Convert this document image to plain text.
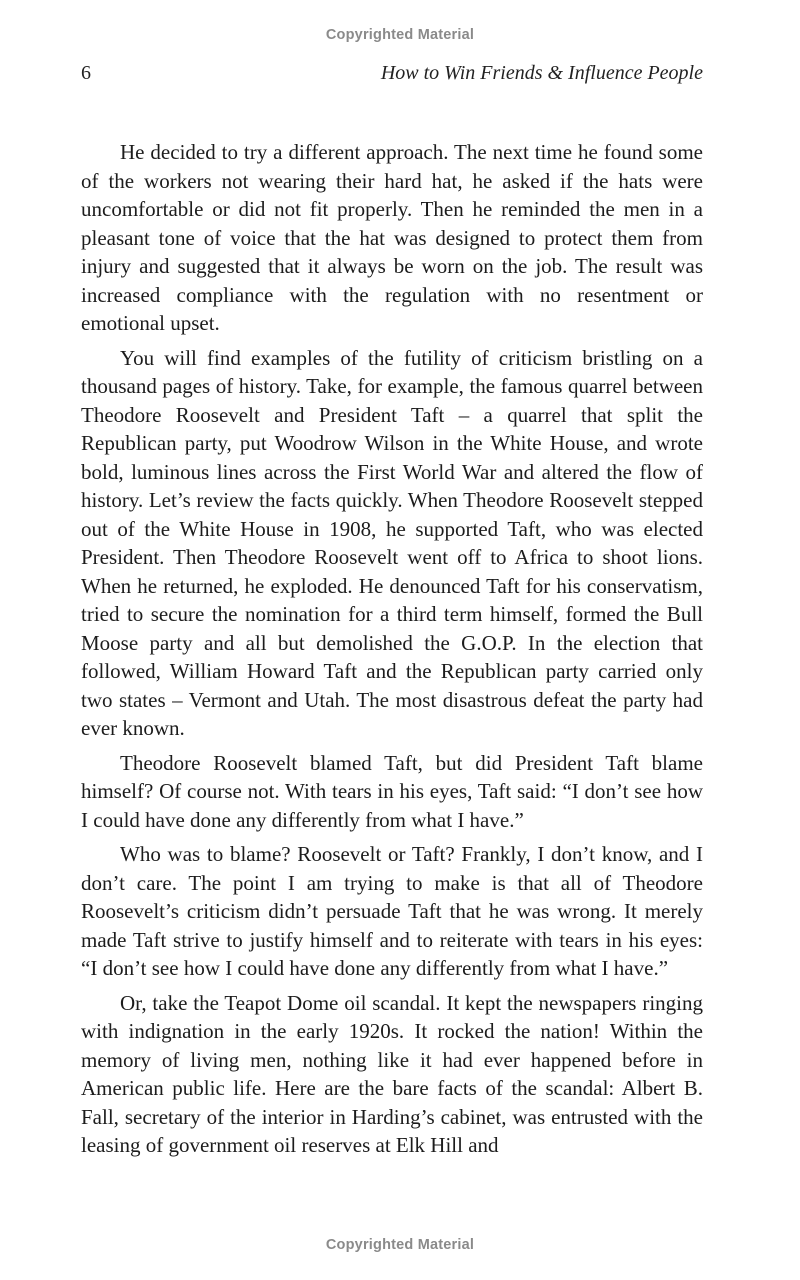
Copyrighted Material
6	How to Win Friends & Influence People

He decided to try a different approach. The next time he found some of the workers not wearing their hard hat, he asked if the hats were uncomfortable or did not fit properly. Then he reminded the men in a pleasant tone of voice that the hat was designed to protect them from injury and suggested that it always be worn on the job. The result was increased compliance with the regulation with no resentment or emotional upset.

You will find examples of the futility of criticism bristling on a thousand pages of history. Take, for example, the famous quarrel between Theodore Roosevelt and President Taft – a quarrel that split the Republican party, put Woodrow Wilson in the White House, and wrote bold, luminous lines across the First World War and altered the flow of history. Let’s review the facts quickly. When Theodore Roosevelt stepped out of the White House in 1908, he supported Taft, who was elected President. Then Theodore Roosevelt went off to Africa to shoot lions. When he returned, he exploded. He denounced Taft for his conservatism, tried to secure the nomination for a third term himself, formed the Bull Moose party and all but demolished the G.O.P. In the election that followed, William Howard Taft and the Republican party carried only two states – Vermont and Utah. The most disastrous defeat the party had ever known.

Theodore Roosevelt blamed Taft, but did President Taft blame himself? Of course not. With tears in his eyes, Taft said: “I don’t see how I could have done any differently from what I have.”

Who was to blame? Roosevelt or Taft? Frankly, I don’t know, and I don’t care. The point I am trying to make is that all of Theodore Roosevelt’s criticism didn’t persuade Taft that he was wrong. It merely made Taft strive to justify himself and to reiterate with tears in his eyes: “I don’t see how I could have done any differently from what I have.”

Or, take the Teapot Dome oil scandal. It kept the newspapers ringing with indignation in the early 1920s. It rocked the nation! Within the memory of living men, nothing like it had ever happened before in American public life. Here are the bare facts of the scandal: Albert B. Fall, secretary of the interior in Harding’s cabinet, was entrusted with the leasing of government oil reserves at Elk Hill and

Copyrighted Material
